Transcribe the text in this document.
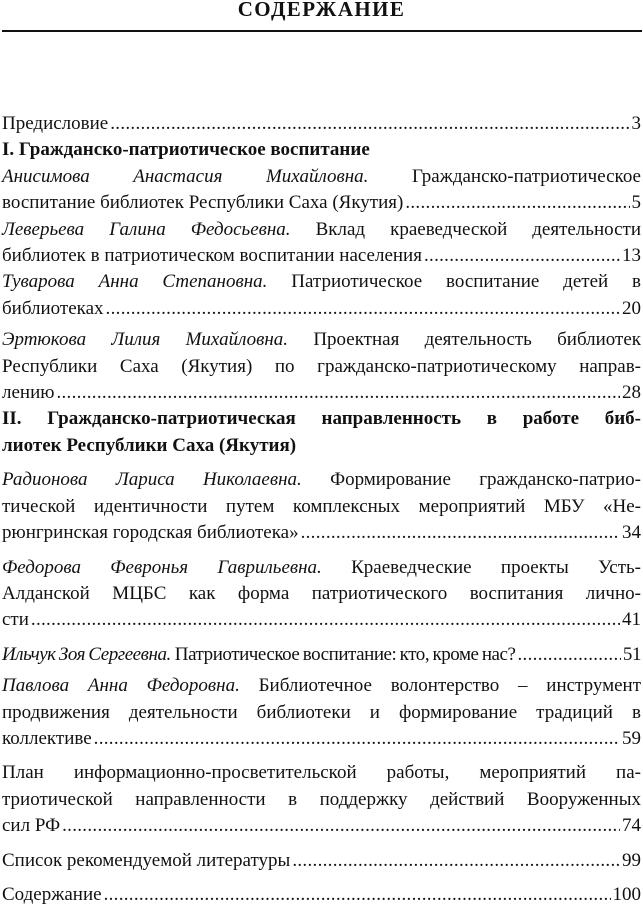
СОДЕРЖАНИЕ
Предисловие .....	3
I. Гражданско-патриотическое воспитание
Анисимова Анастасия Михайловна. Гражданско-патриотическое
воспитание библиотек Республики Саха (Якутия) .....	5
Леверьева Галина Федосьевна. Вклад краеведческой деятельности
библиотек в патриотическом воспитании населения .....	13
Туварова Анна Степановна. Патриотическое воспитание детей в
библиотеках .....	20
Эртюкова Лилия Михайловна. Проектная деятельность библиотек
Республики Саха (Якутия) по гражданско-патриотическому направ-
лению .....	28
II. Гражданско-патриотическая направленность в работе биб-
лиотек Республики Саха (Якутия)
Радионова Лариса Николаевна. Формирование гражданско-патрио-
тической идентичности путем комплексных мероприятий МБУ «Не-
рюнгринская городская библиотека» .....	34
Федорова Февронья Гаврильевна. Краеведческие проекты Усть-
Алданской МЦБС как форма патриотического воспитания лично-
сти .....	41
Ильчук Зоя Сергеевна. Патриотическое воспитание: кто, кроме нас? .....	51
Павлова Анна Федоровна. Библиотечное волонтерство – инструмент
продвижения деятельности библиотеки и формирование традиций в
коллективе .....	59
План информационно-просветительской работы, мероприятий па-
триотической направленности в поддержку действий Вооруженных
сил РФ .....	74
Список рекомендуемой литературы .....	99
Содержание .....	100
